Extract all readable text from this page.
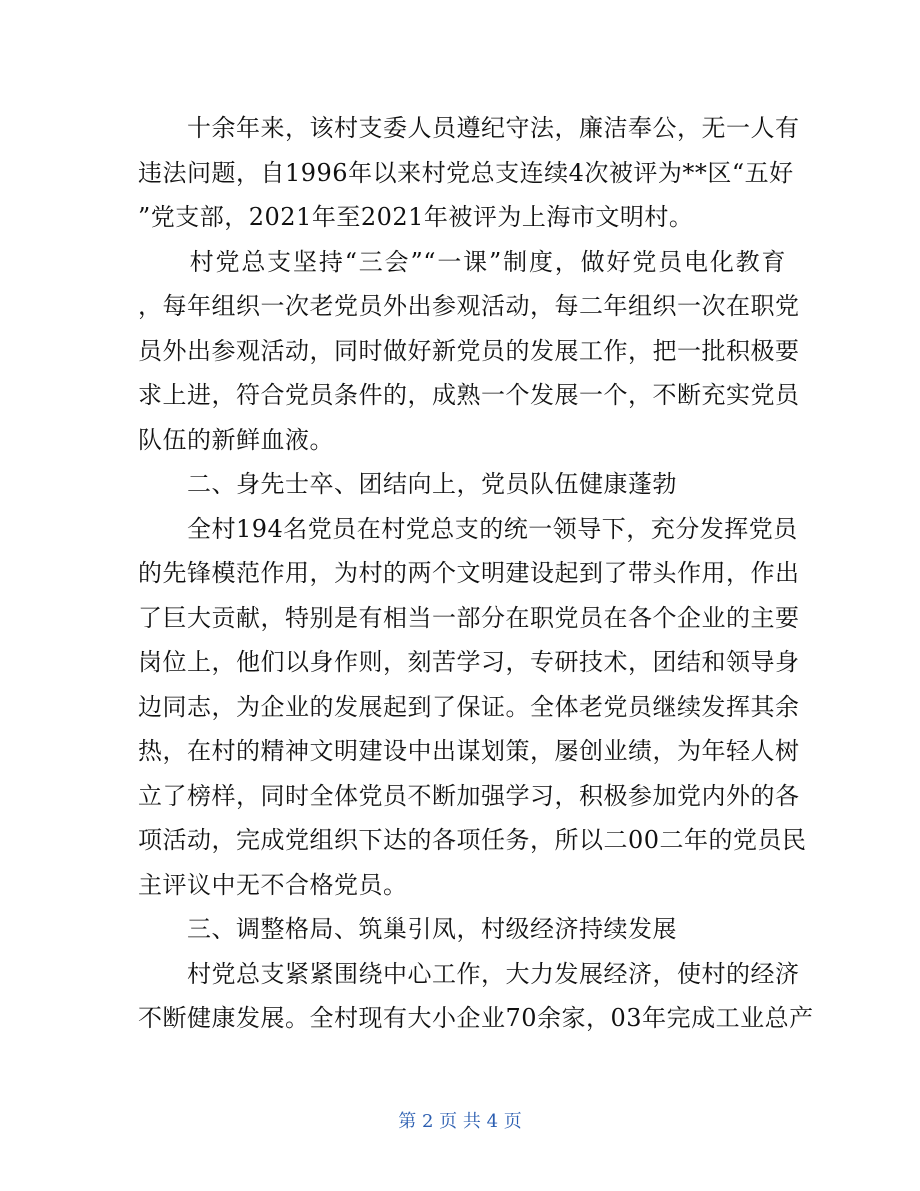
　　十余年来，该村支委人员遵纪守法，廉洁奉公，无一人有
违法问题，自1996年以来村党总支连续4次被评为**区“五好
”党支部，2021年至2021年被评为上海市文明村。
　　村党总支坚持“三会”“一课”制度，做好党员电化教育
，每年组织一次老党员外出参观活动，每二年组织一次在职党
员外出参观活动，同时做好新党员的发展工作，把一批积极要
求上进，符合党员条件的，成熟一个发展一个，不断充实党员
队伍的新鲜血液。
　　二、身先士卒、团结向上，党员队伍健康蓬勃
　　全村194名党员在村党总支的统一领导下，充分发挥党员
的先锋模范作用，为村的两个文明建设起到了带头作用，作出
了巨大贡献，特别是有相当一部分在职党员在各个企业的主要
岗位上，他们以身作则，刻苦学习，专研技术，团结和领导身
边同志，为企业的发展起到了保证。全体老党员继续发挥其余
热，在村的精神文明建设中出谋划策，屡创业绩，为年轻人树
立了榜样，同时全体党员不断加强学习，积极参加党内外的各
项活动，完成党组织下达的各项任务，所以二00二年的党员民
主评议中无不合格党员。
　　三、调整格局、筑巢引凤，村级经济持续发展
　　村党总支紧紧围绕中心工作，大力发展经济，使村的经济
不断健康发展。全村现有大小企业70余家，03年完成工业总产
第 2 页 共 4 页
